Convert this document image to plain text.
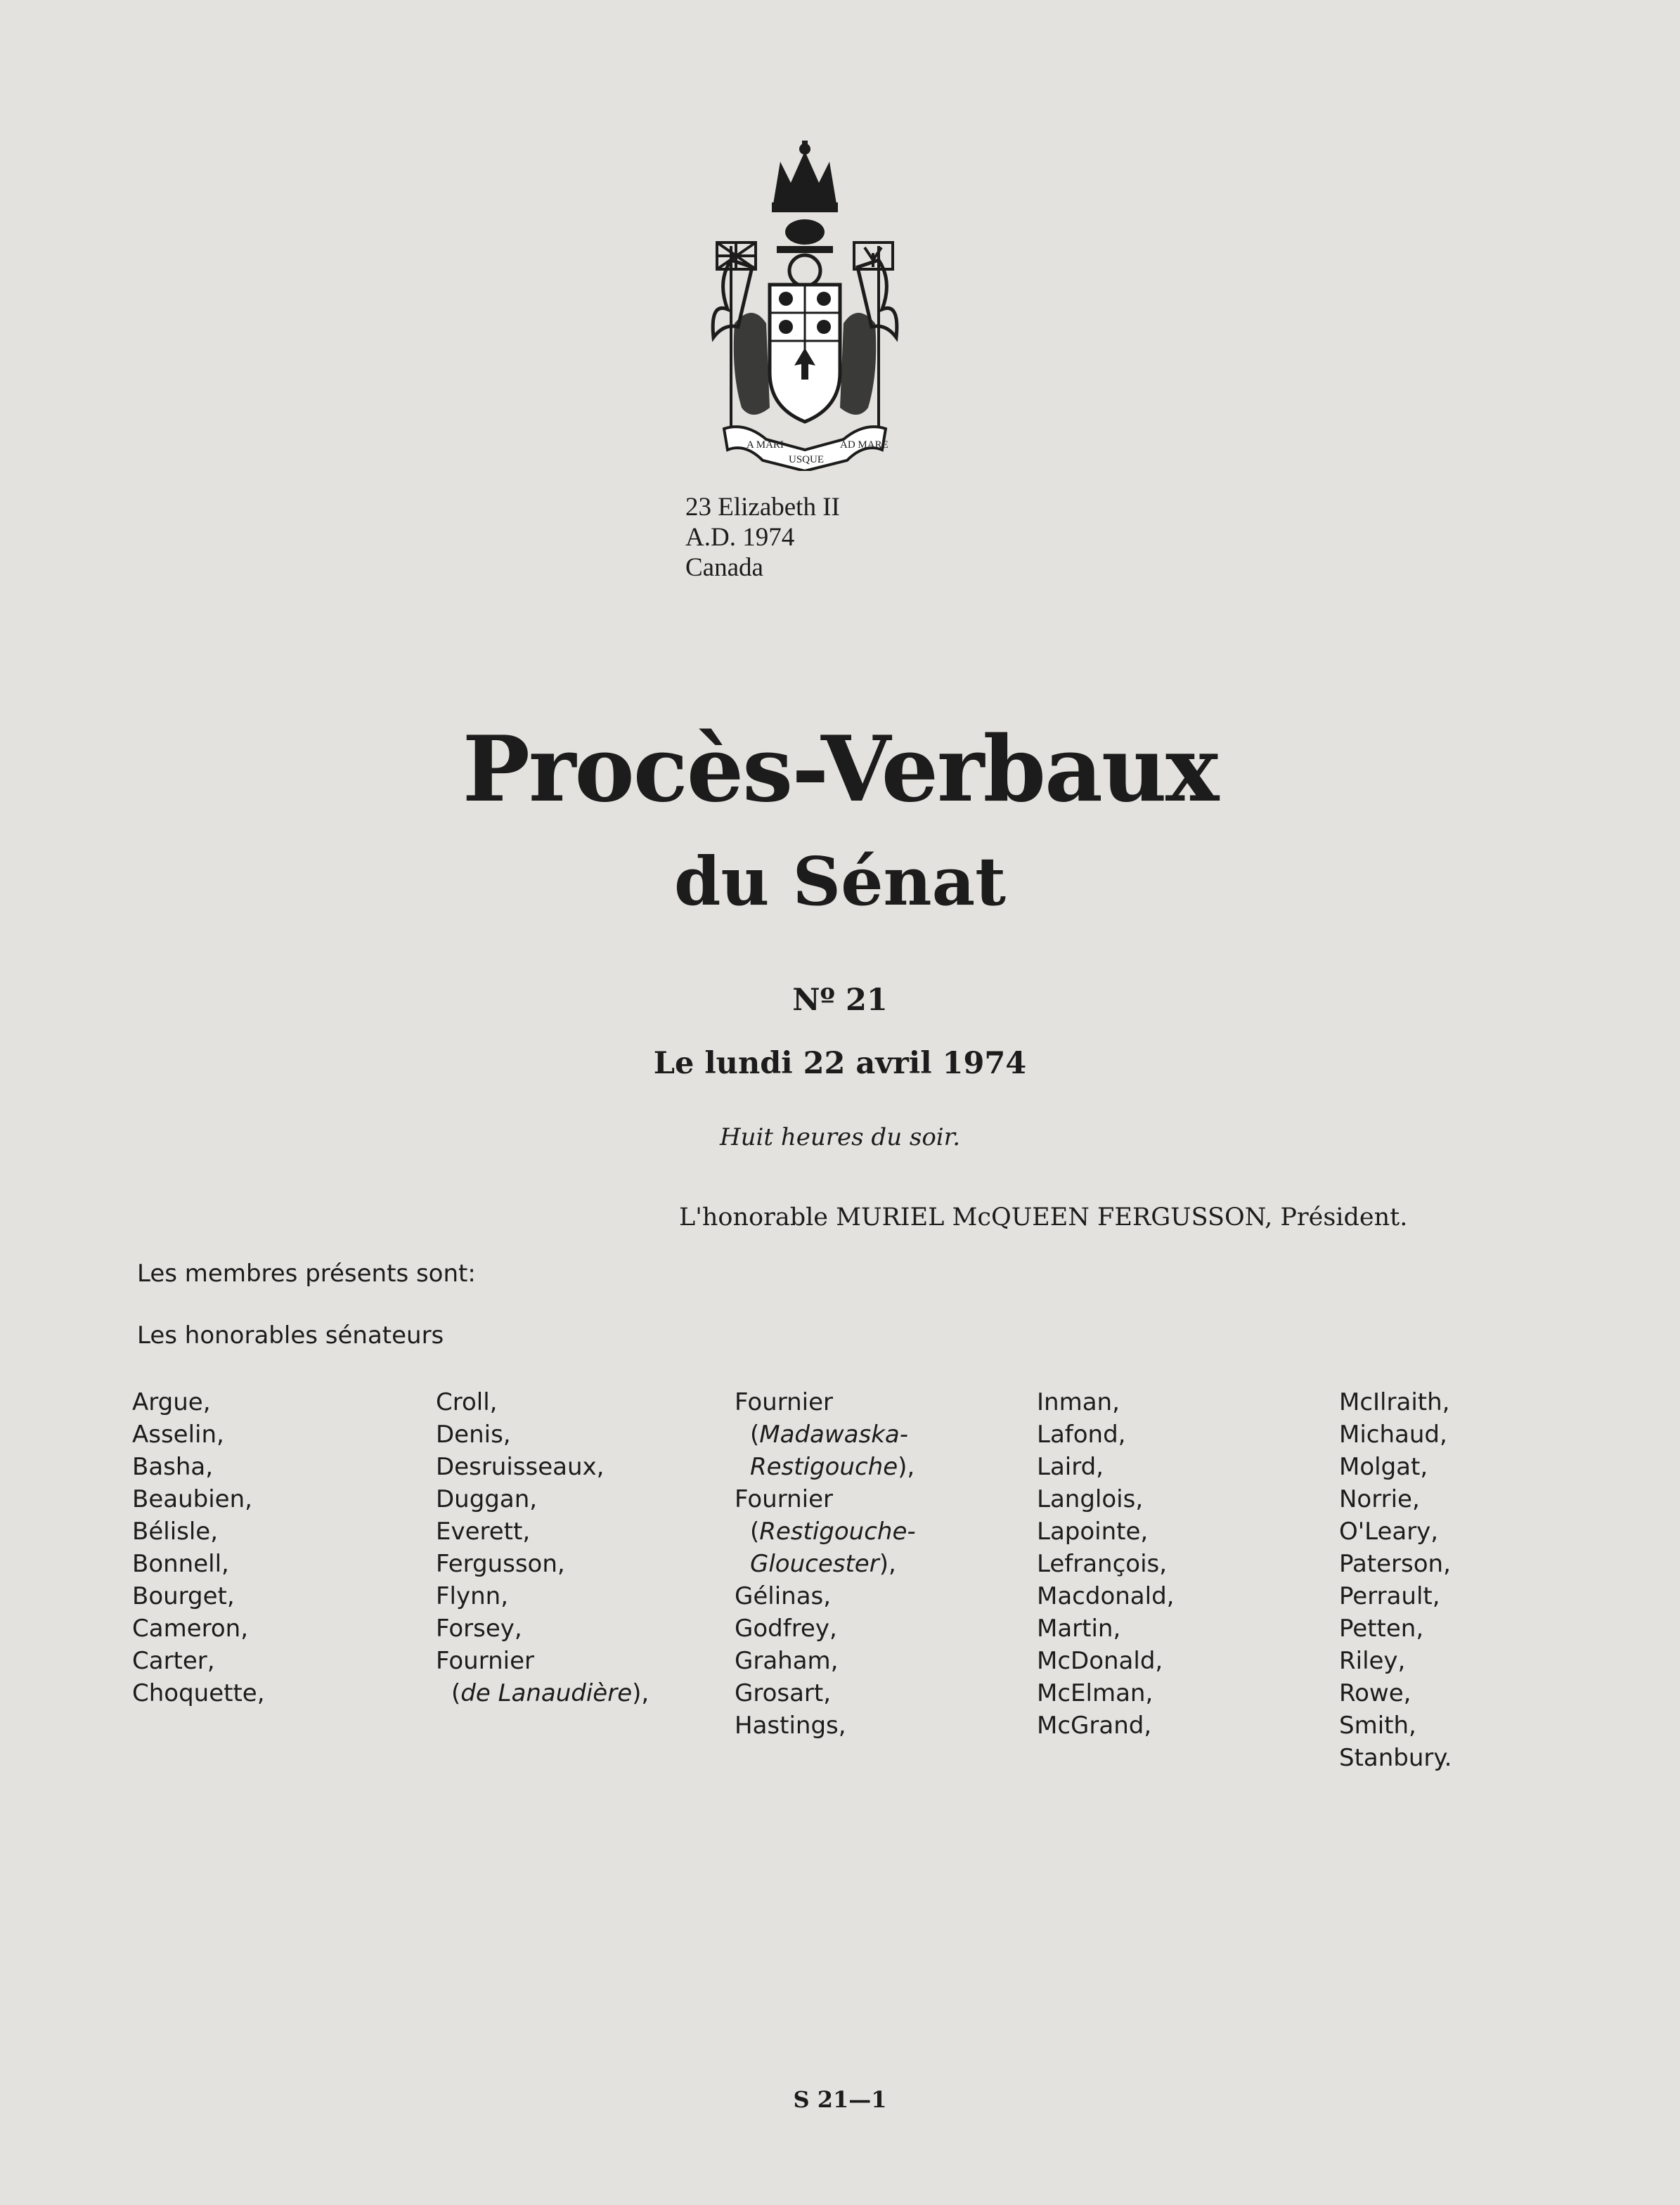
A MARI
USQUE
AD MARE
23 Elizabeth II
A.D. 1974
Canada
Procès-Verbaux
du Sénat
Nº 21
Le lundi 22 avril 1974
Huit heures du soir.
L'honorable MURIEL McQUEEN FERGUSSON, Président.
Les membres présents sont:
Les honorables sénateurs
Argue,
Asselin,
Basha,
Beaubien,
Bélisle,
Bonnell,
Bourget,
Cameron,
Carter,
Choquette,
Croll,
Denis,
Desruisseaux,
Duggan,
Everett,
Fergusson,
Flynn,
Forsey,
Fournier
(de Lanaudière),
Fournier
(Madawaska-
Restigouche),
Fournier
(Restigouche-
Gloucester),
Gélinas,
Godfrey,
Graham,
Grosart,
Hastings,
Inman,
Lafond,
Laird,
Langlois,
Lapointe,
Lefrançois,
Macdonald,
Martin,
McDonald,
McElman,
McGrand,
McIlraith,
Michaud,
Molgat,
Norrie,
O'Leary,
Paterson,
Perrault,
Petten,
Riley,
Rowe,
Smith,
Stanbury.
S 21—1
